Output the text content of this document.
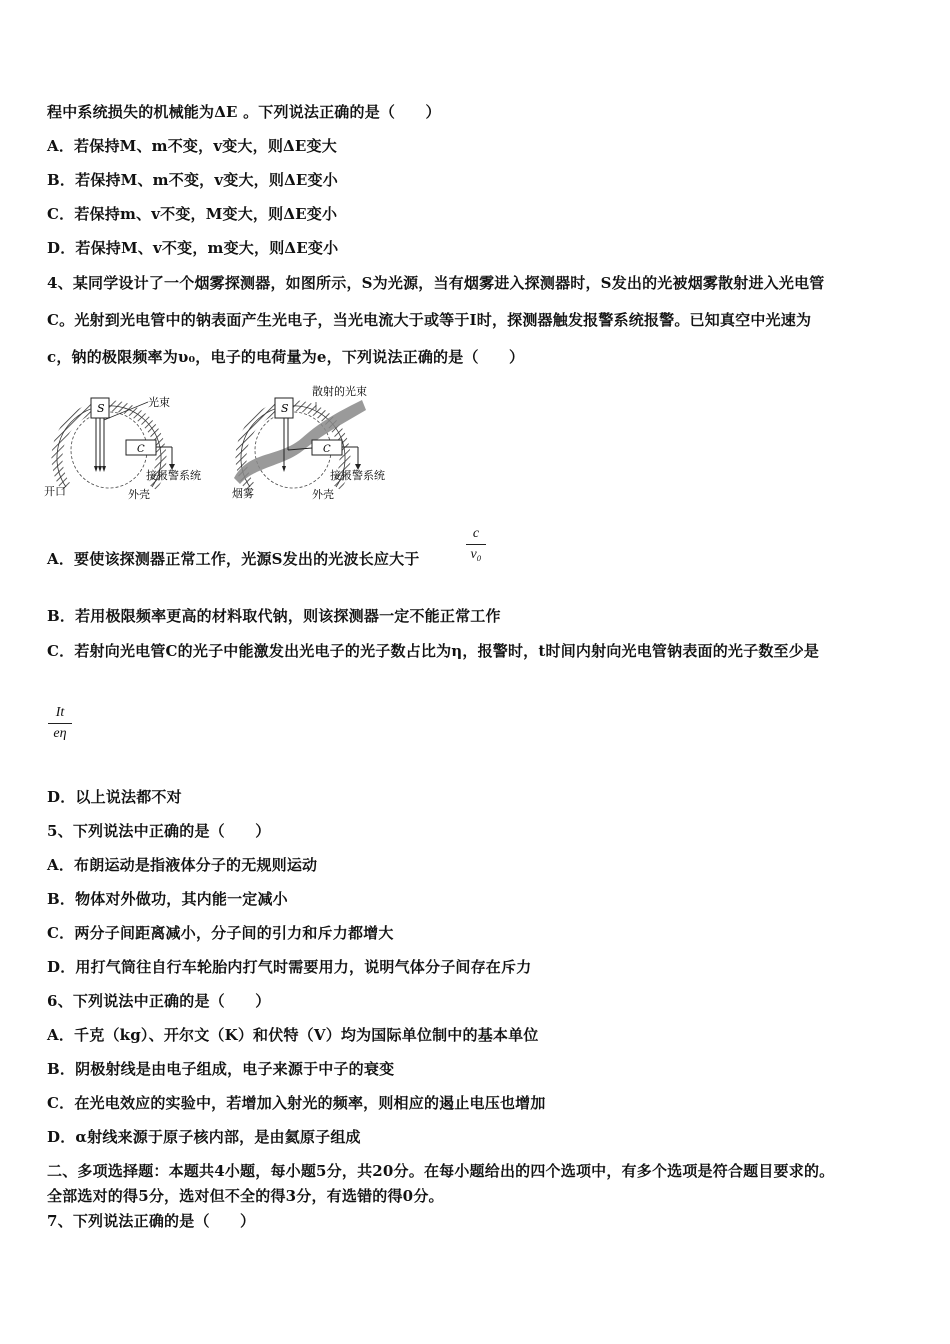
程中系统损失的机械能为ΔE 。下列说法正确的是（　　）
A．若保持M、m不变，v变大，则ΔE变大
B．若保持M、m不变，v变大，则ΔE变小
C．若保持m、v不变，M变大，则ΔE变小
D．若保持M、v不变，m变大，则ΔE变小
4、某同学设计了一个烟雾探测器，如图所示，S为光源，当有烟雾进入探测器时，S发出的光被烟雾散射进入光电管
C。光射到光电管中的钠表面产生光电子，当光电流大于或等于I时，探测器触发报警系统报警。已知真空中光速为
c，钠的极限频率为υ₀，电子的电荷量为e，下列说法正确的是（　　）
S
C
光束
接报警系统
开口	外壳
S
C
散射的光束
接报警系统
烟雾	外壳
A．要使该探测器正常工作，光源S发出的光波长应大于
c
v₀
B．若用极限频率更高的材料取代钠，则该探测器一定不能正常工作
C．若射向光电管C的光子中能激发出光电子的光子数占比为η，报警时，t时间内射向光电管钠表面的光子数至少是
It
eη
D．以上说法都不对
5、下列说法中正确的是（　　）
A．布朗运动是指液体分子的无规则运动
B．物体对外做功，其内能一定减小
C．两分子间距离减小，分子间的引力和斥力都增大
D．用打气筒往自行车轮胎内打气时需要用力，说明气体分子间存在斥力
6、下列说法中正确的是（　　）
A．千克（kg）、开尔文（K）和伏特（V）均为国际单位制中的基本单位
B．阴极射线是由电子组成，电子来源于中子的衰变
C．在光电效应的实验中，若增加入射光的频率，则相应的遏止电压也增加
D．α射线来源于原子核内部，是由氦原子组成
二、多项选择题：本题共4小题，每小题5分，共20分。在每小题给出的四个选项中，有多个选项是符合题目要求的。
全部选对的得5分，选对但不全的得3分，有选错的得0分。
7、下列说法正确的是（　　）
